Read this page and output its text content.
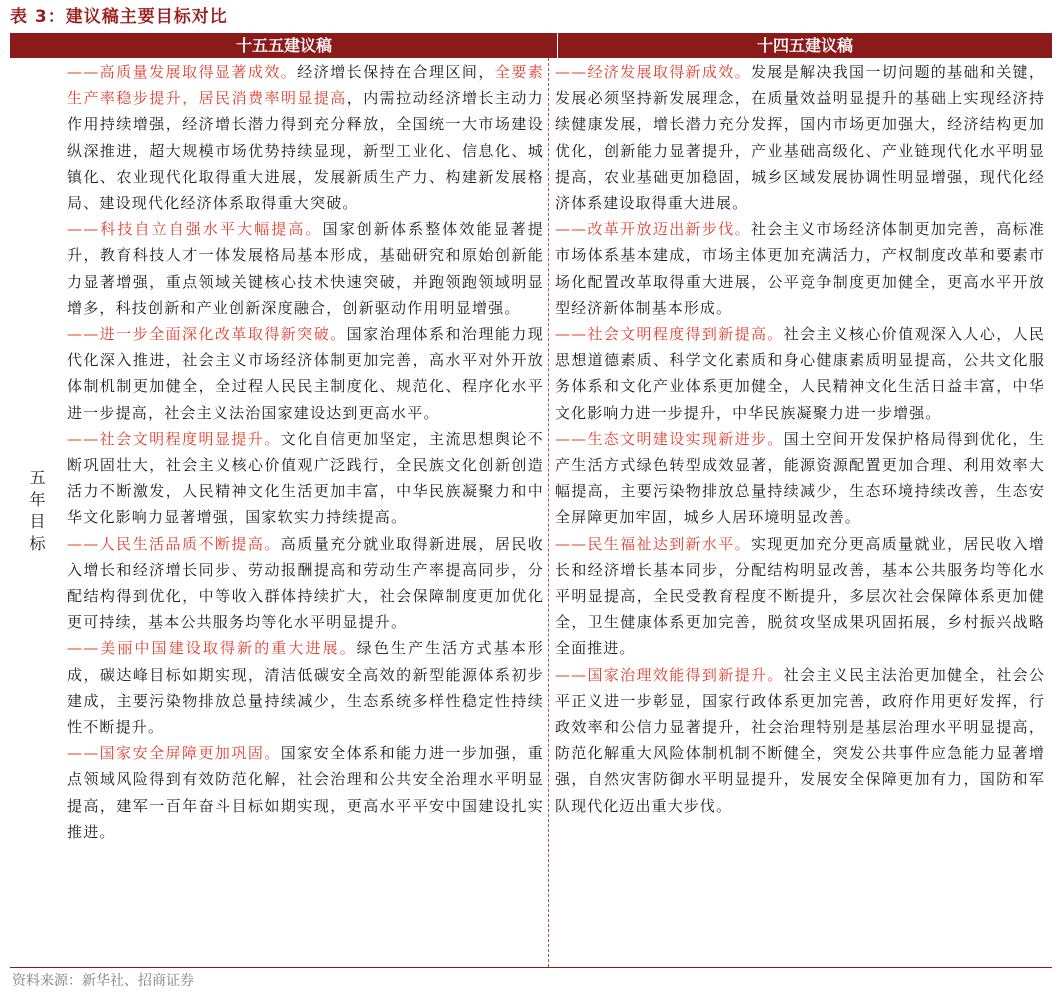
表 3：建议稿主要目标对比
十五五建议稿	十四五建议稿
五年目标

——高质量发展取得显著成效。经济增长保持在合理区间，全要素生产率稳步提升，居民消费率明显提高，内需拉动经济增长主动力作用持续增强，经济增长潜力得到充分释放，全国统一大市场建设纵深推进，超大规模市场优势持续显现，新型工业化、信息化、城镇化、农业现代化取得重大进展，发展新质生产力、构建新发展格局、建设现代化经济体系取得重大突破。

——科技自立自强水平大幅提高。国家创新体系整体效能显著提升，教育科技人才一体发展格局基本形成，基础研究和原始创新能力显著增强，重点领域关键核心技术快速突破，并跑领跑领域明显增多，科技创新和产业创新深度融合，创新驱动作用明显增强。

——进一步全面深化改革取得新突破。国家治理体系和治理能力现代化深入推进，社会主义市场经济体制更加完善，高水平对外开放体制机制更加健全，全过程人民民主制度化、规范化、程序化水平进一步提高，社会主义法治国家建设达到更高水平。

——社会文明程度明显提升。文化自信更加坚定，主流思想舆论不断巩固壮大，社会主义核心价值观广泛践行，全民族文化创新创造活力不断激发，人民精神文化生活更加丰富，中华民族凝聚力和中华文化影响力显著增强，国家软实力持续提高。

——人民生活品质不断提高。高质量充分就业取得新进展，居民收入增长和经济增长同步、劳动报酬提高和劳动生产率提高同步，分配结构得到优化，中等收入群体持续扩大，社会保障制度更加优化更可持续，基本公共服务均等化水平明显提升。

——美丽中国建设取得新的重大进展。绿色生产生活方式基本形成，碳达峰目标如期实现，清洁低碳安全高效的新型能源体系初步建成，主要污染物排放总量持续减少，生态系统多样性稳定性持续性不断提升。

——国家安全屏障更加巩固。国家安全体系和能力进一步加强，重点领域风险得到有效防范化解，社会治理和公共安全治理水平明显提高，建军一百年奋斗目标如期实现，更高水平平安中国建设扎实推进。

——经济发展取得新成效。发展是解决我国一切问题的基础和关键，发展必须坚持新发展理念，在质量效益明显提升的基础上实现经济持续健康发展，增长潜力充分发挥，国内市场更加强大，经济结构更加优化，创新能力显著提升，产业基础高级化、产业链现代化水平明显提高，农业基础更加稳固，城乡区域发展协调性明显增强，现代化经济体系建设取得重大进展。

——改革开放迈出新步伐。社会主义市场经济体制更加完善，高标准市场体系基本建成，市场主体更加充满活力，产权制度改革和要素市场化配置改革取得重大进展，公平竞争制度更加健全，更高水平开放型经济新体制基本形成。

——社会文明程度得到新提高。社会主义核心价值观深入人心，人民思想道德素质、科学文化素质和身心健康素质明显提高，公共文化服务体系和文化产业体系更加健全，人民精神文化生活日益丰富，中华文化影响力进一步提升，中华民族凝聚力进一步增强。

——生态文明建设实现新进步。国土空间开发保护格局得到优化，生产生活方式绿色转型成效显著，能源资源配置更加合理、利用效率大幅提高，主要污染物排放总量持续减少，生态环境持续改善，生态安全屏障更加牢固，城乡人居环境明显改善。

——民生福祉达到新水平。实现更加充分更高质量就业，居民收入增长和经济增长基本同步，分配结构明显改善，基本公共服务均等化水平明显提高，全民受教育程度不断提升，多层次社会保障体系更加健全，卫生健康体系更加完善，脱贫攻坚成果巩固拓展，乡村振兴战略全面推进。

——国家治理效能得到新提升。社会主义民主法治更加健全，社会公平正义进一步彰显，国家行政体系更加完善，政府作用更好发挥，行政效率和公信力显著提升，社会治理特别是基层治理水平明显提高，防范化解重大风险体制机制不断健全，突发公共事件应急能力显著增强，自然灾害防御水平明显提升，发展安全保障更加有力，国防和军队现代化迈出重大步伐。

资料来源：新华社、招商证券
